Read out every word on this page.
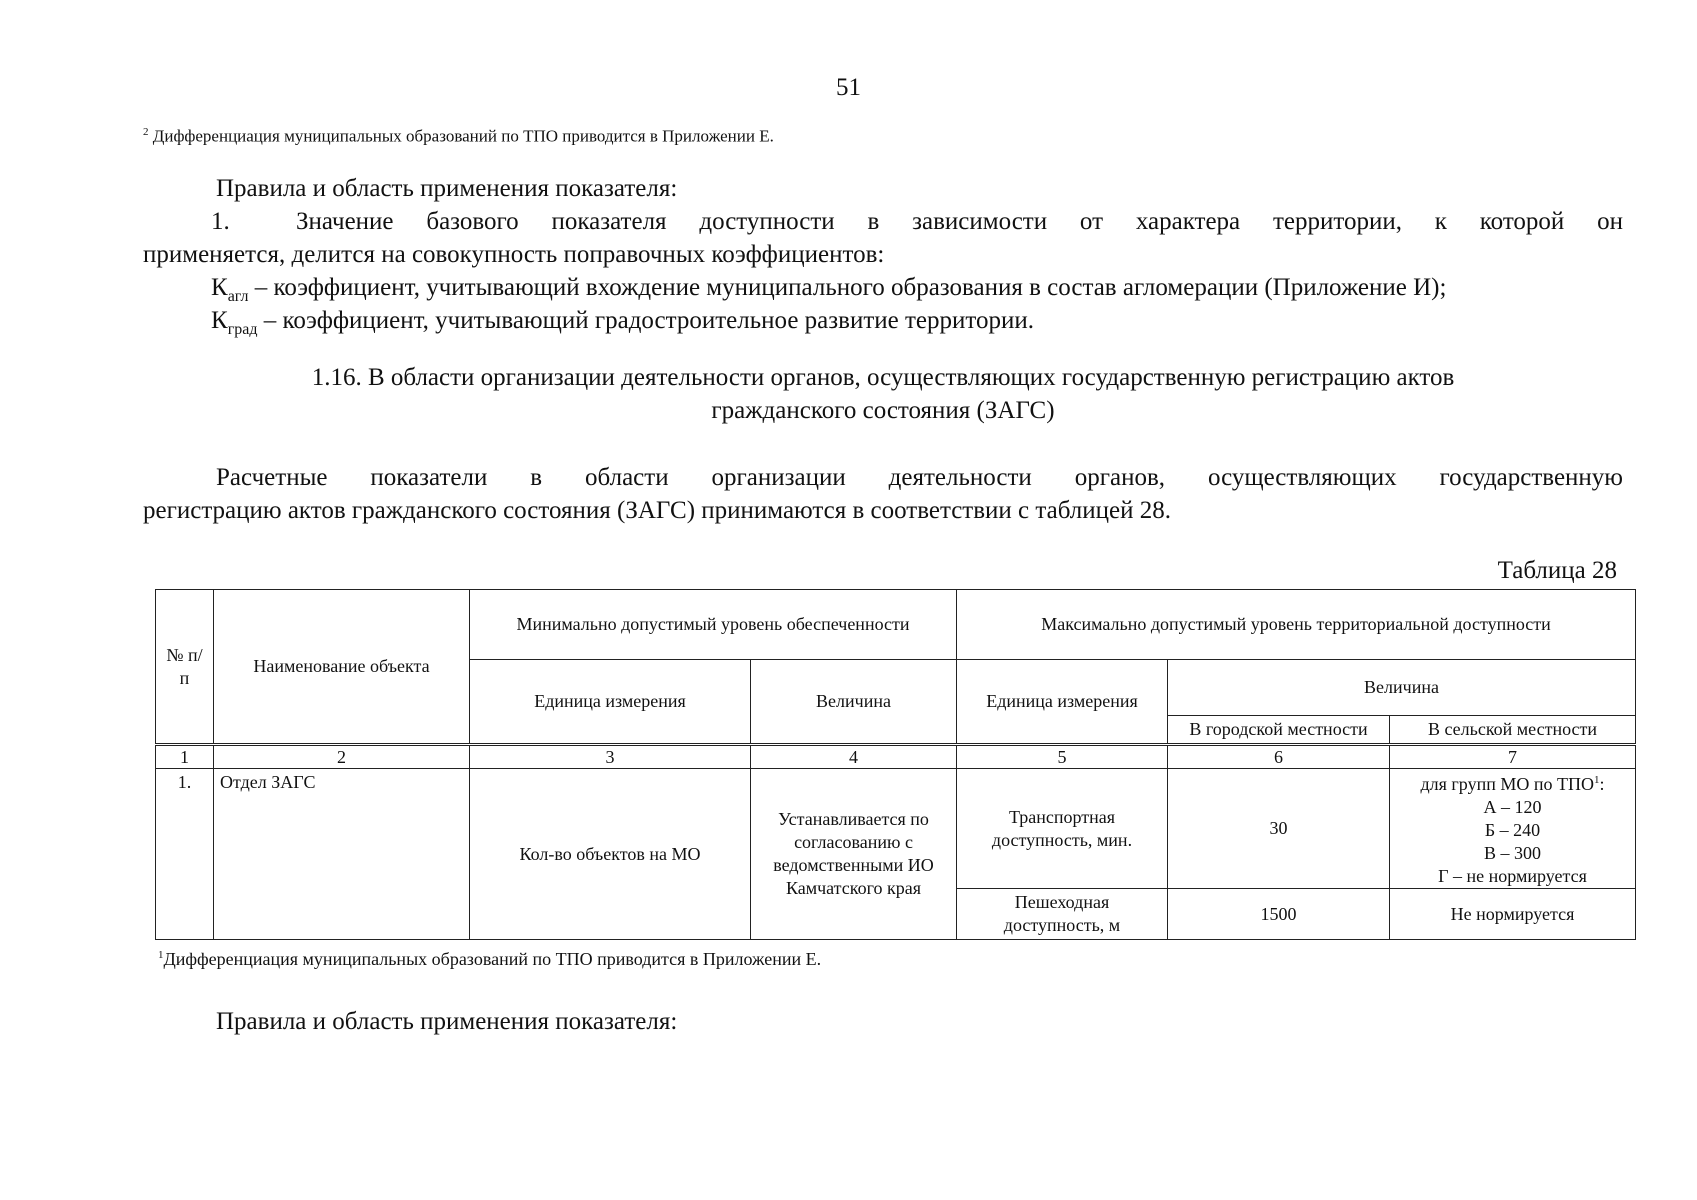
51
$^2$ Дифференциация муниципальных образований по ТПО приводится в Приложении Е.

Правила и область применения показателя:

1.	Значение базового показателя доступности в зависимости от характера территории, к которой он

применяется, делится на совокупность поправочных коэффициентов:

$К_{агл}$ – коэффициент, учитывающий вхождение муниципального образования в состав агломерации (Приложение И);

$К_{град}$ – коэффициент, учитывающий градостроительное развитие территории.

1.16. В области организации деятельности органов, осуществляющих государственную регистрацию актов
гражданского состояния (ЗАГС)

Расчетные показатели в области организации деятельности органов, осуществляющих государственную

регистрацию актов гражданского состояния (ЗАГС) принимаются в соответствии с таблицей 28.

Таблица 28
№ п/п	Наименование объекта	Минимально допустимый уровень обеспеченности		Максимально допустимый уровень территориальной доступности		
		Единица измерения	Величина	Единица измерения	Величина	
					В городской местности	В сельской местности
1	2	3	4	5	6	7
1.	Отдел ЗАГС	Кол-во объектов на МО	Устанавливается по согласованию с ведомственными ИО Камчатского края	Транспортная доступность, мин.	30	для групп МО по ТПО$^1$:
А – 120
Б – 240
В – 300
Г – не нормируется
				Пешеходная доступность, м	1500	Не нормируется
$^1$Дифференциация муниципальных образований по ТПО приводится в Приложении Е.

Правила и область применения показателя:
